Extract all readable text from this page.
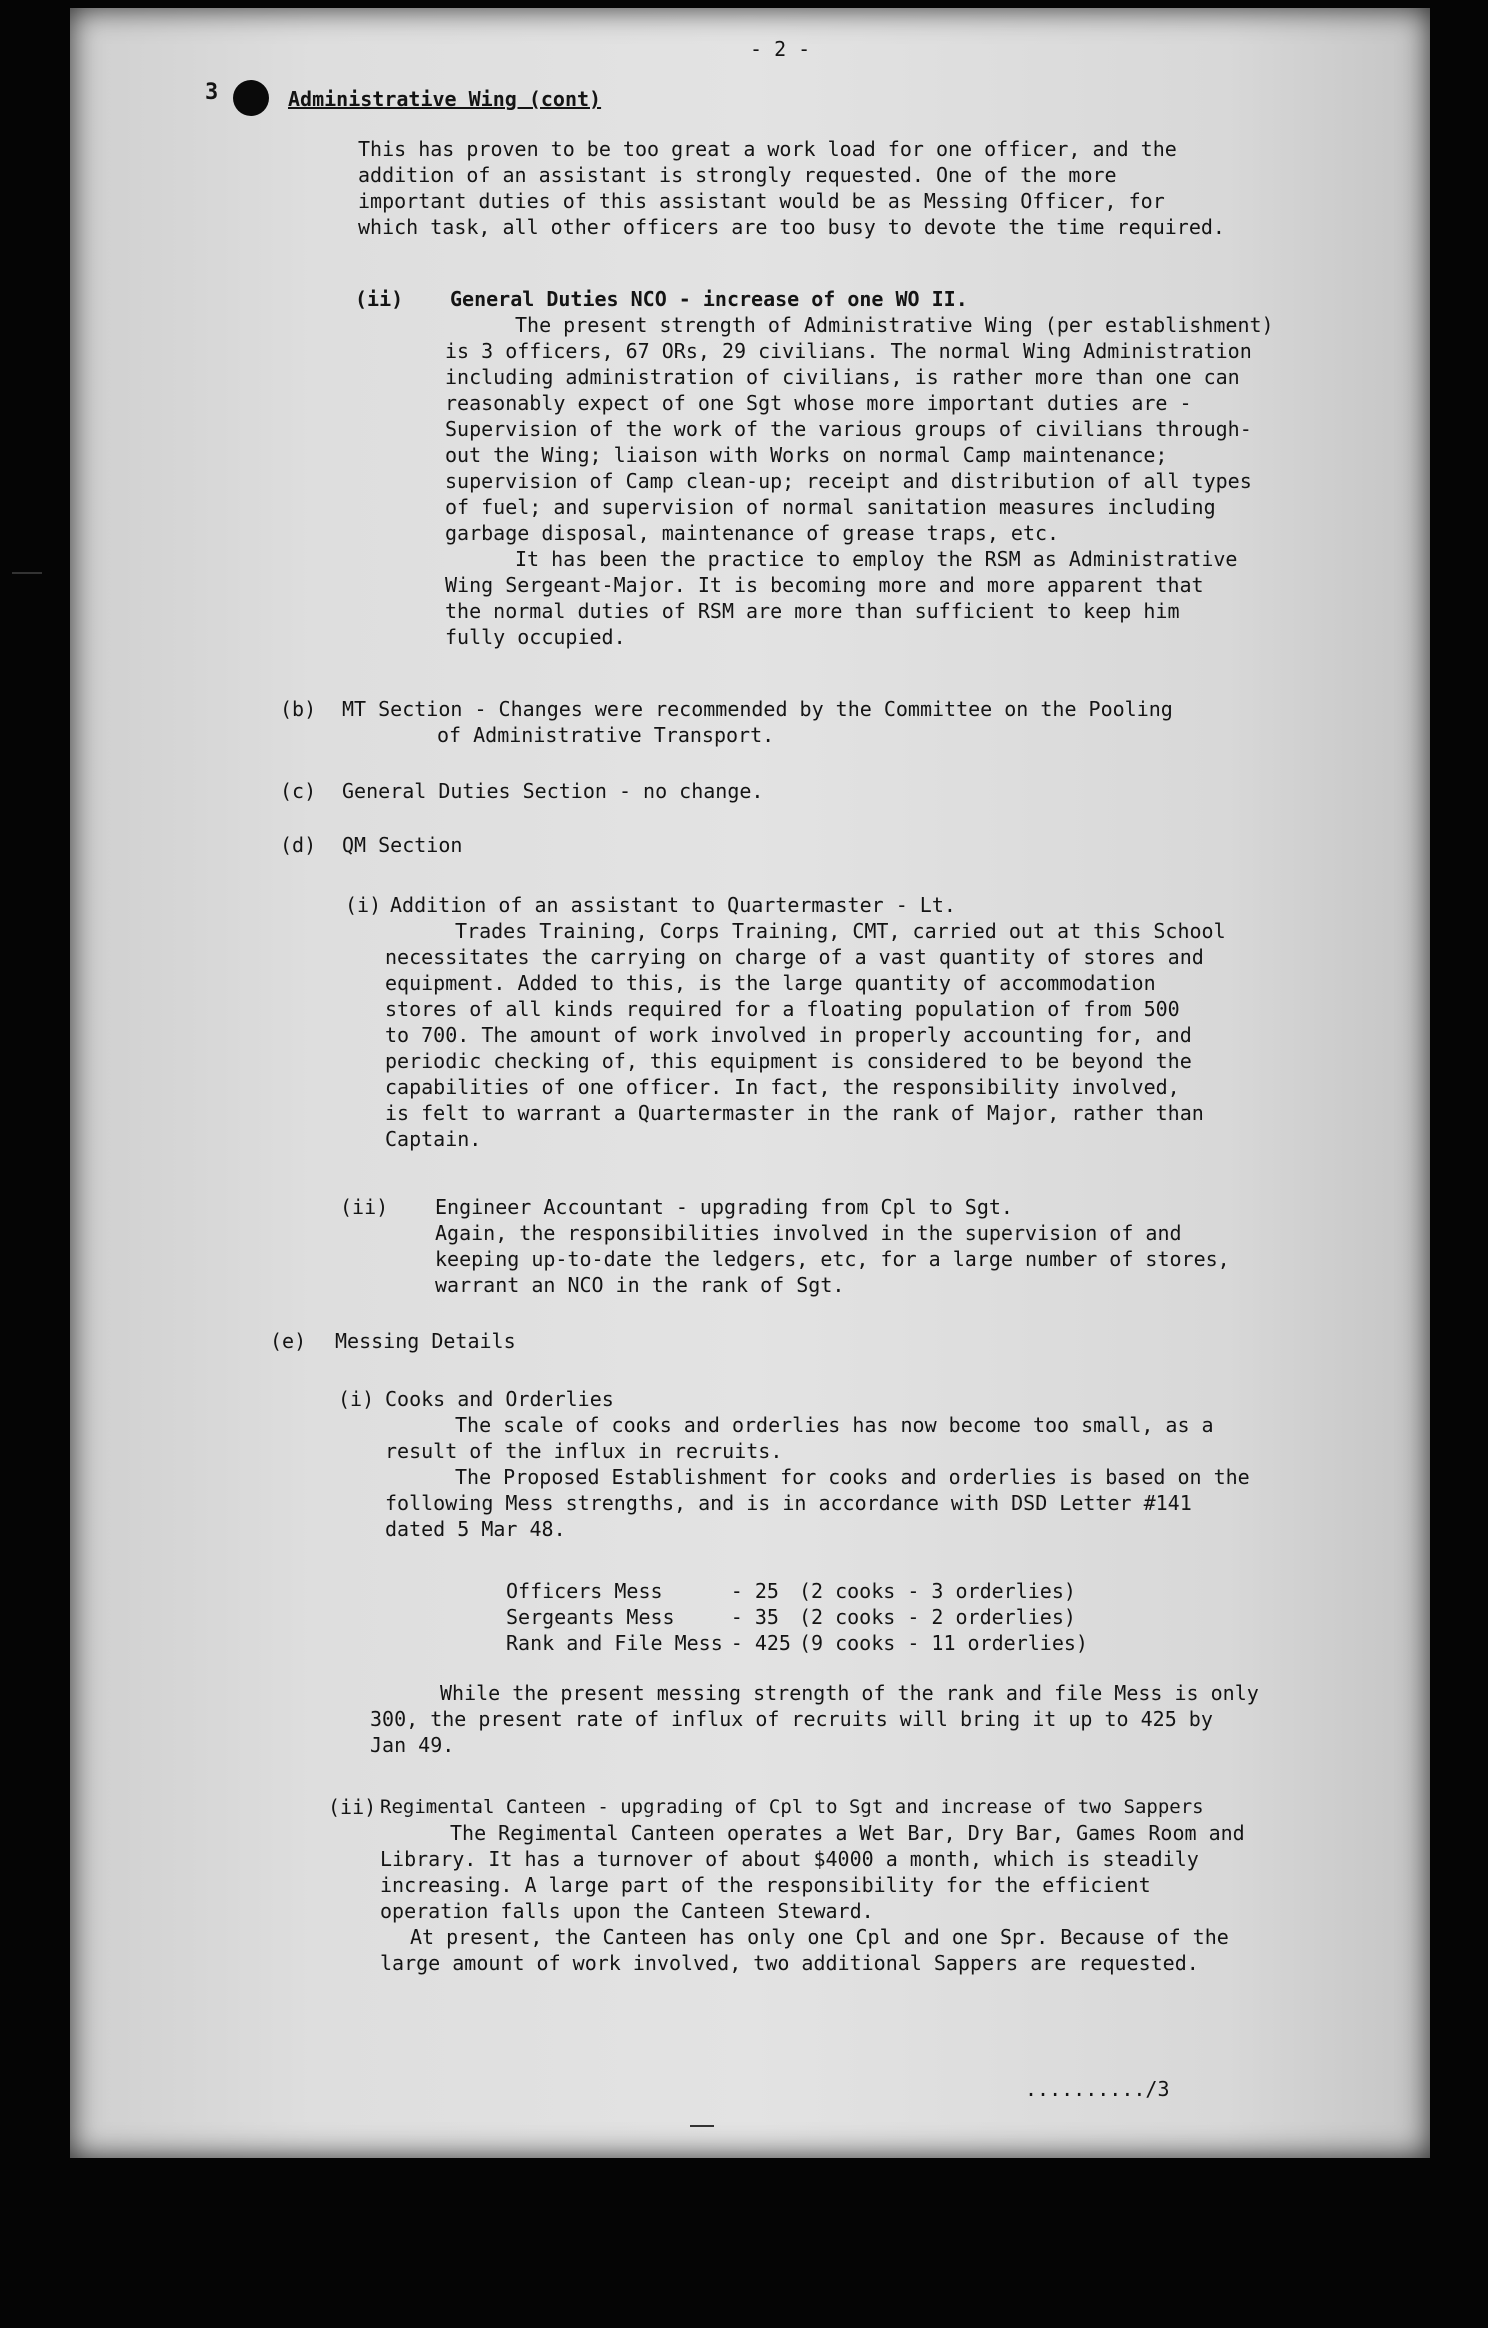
- 2 -
3	Administrative Wing (cont)
This has proven to be too great a work load for one officer, and the
addition of an assistant is strongly requested. One of the more
important duties of this assistant would be as Messing Officer, for
which task, all other officers are too busy to devote the time required.
(ii) General Duties NCO - increase of one WO II.
The present strength of Administrative Wing (per establishment)
is 3 officers, 67 ORs, 29 civilians. The normal Wing Administration
including administration of civilians, is rather more than one can
reasonably expect of one Sgt whose more important duties are -
Supervision of the work of the various groups of civilians through-
out the Wing; liaison with Works on normal Camp maintenance;
supervision of Camp clean-up; receipt and distribution of all types
of fuel; and supervision of normal sanitation measures including
garbage disposal, maintenance of grease traps, etc.
It has been the practice to employ the RSM as Administrative
Wing Sergeant-Major. It is becoming more and more apparent that
the normal duties of RSM are more than sufficient to keep him
fully occupied.
(b) MT Section - Changes were recommended by the Committee on the Pooling
of Administrative Transport.
(c) General Duties Section - no change.
(d) QM Section
(i) Addition of an assistant to Quartermaster - Lt.
Trades Training, Corps Training, CMT, carried out at this School
necessitates the carrying on charge of a vast quantity of stores and
equipment. Added to this, is the large quantity of accommodation
stores of all kinds required for a floating population of from 500
to 700. The amount of work involved in properly accounting for, and
periodic checking of, this equipment is considered to be beyond the
capabilities of one officer. In fact, the responsibility involved,
is felt to warrant a Quartermaster in the rank of Major, rather than
Captain.
(ii) Engineer Accountant - upgrading from Cpl to Sgt.
Again, the responsibilities involved in the supervision of and
keeping up-to-date the ledgers, etc, for a large number of stores,
warrant an NCO in the rank of Sgt.
(e) Messing Details
(i) Cooks and Orderlies
The scale of cooks and orderlies has now become too small, as a
result of the influx in recruits.
The Proposed Establishment for cooks and orderlies is based on the
following Mess strengths, and is in accordance with DSD Letter #141
dated 5 Mar 48.
Officers Mess	- 25	(2 cooks - 3 orderlies)
Sergeants Mess	- 35	(2 cooks - 2 orderlies)
Rank and File Mess	- 425	(9 cooks - 11 orderlies)
While the present messing strength of the rank and file Mess is only
300, the present rate of influx of recruits will bring it up to 425 by
Jan 49.
(ii) Regimental Canteen - upgrading of Cpl to Sgt and increase of two Sappers
The Regimental Canteen operates a Wet Bar, Dry Bar, Games Room and
Library. It has a turnover of about $4000 a month, which is steadily
increasing. A large part of the responsibility for the efficient
operation falls upon the Canteen Steward.
At present, the Canteen has only one Cpl and one Spr. Because of the
large amount of work involved, two additional Sappers are requested.
........../3
